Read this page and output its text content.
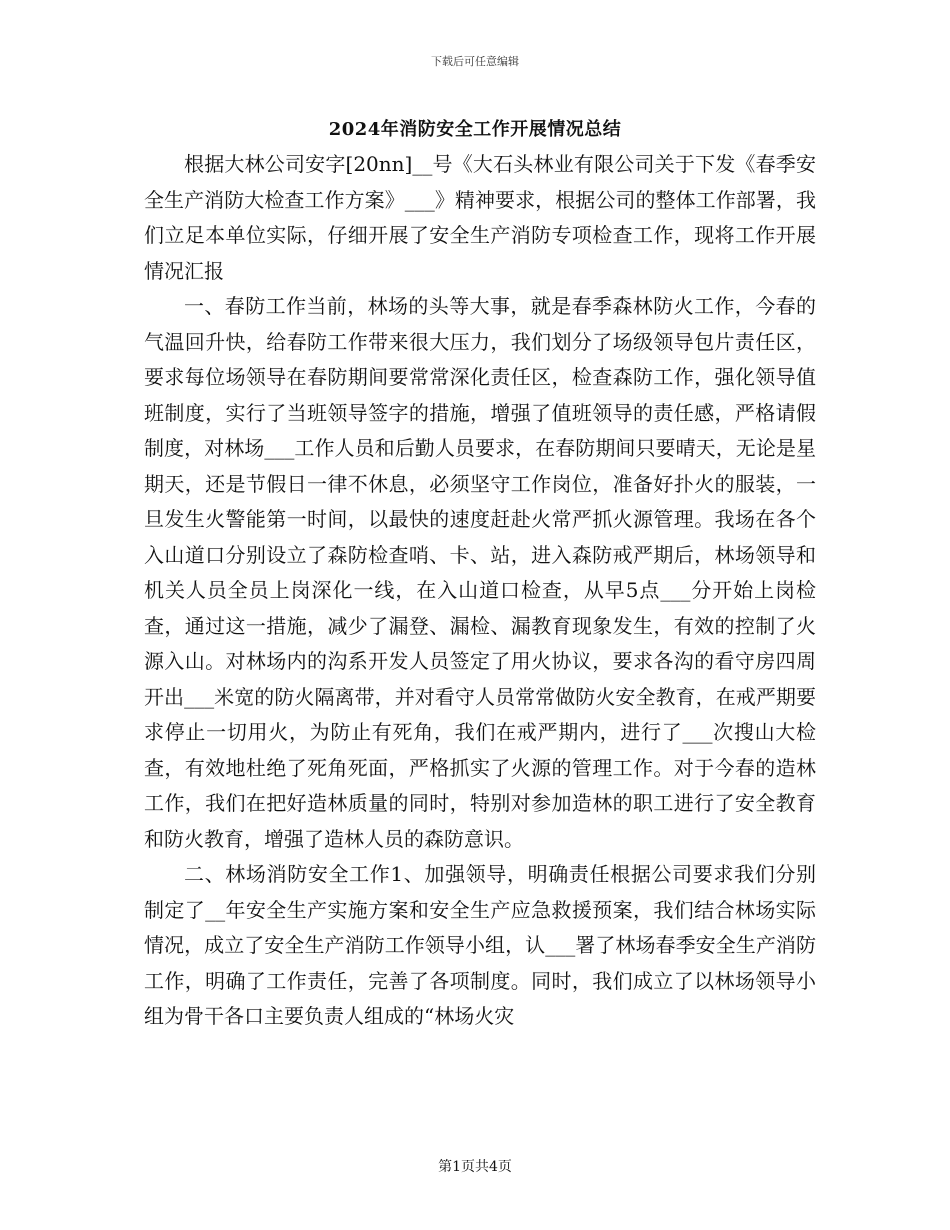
下载后可任意编辑
2024年消防安全工作开展情况总结

根据大林公司安字[20nn]__号《大石头林业有限公司关于下发《春季安全生产消防大检查工作方案》___》精神要求，根据公司的整体工作部署，我们立足本单位实际，仔细开展了安全生产消防专项检查工作，现将工作开展情况汇报

一、春防工作当前，林场的头等大事，就是春季森林防火工作，今春的气温回升快，给春防工作带来很大压力，我们划分了场级领导包片责任区，要求每位场领导在春防期间要常常深化责任区，检查森防工作，强化领导值班制度，实行了当班领导签字的措施，增强了值班领导的责任感，严格请假制度，对林场___工作人员和后勤人员要求，在春防期间只要晴天，无论是星期天，还是节假日一律不休息，必须坚守工作岗位，准备好扑火的服装，一旦发生火警能第一时间，以最快的速度赶赴火常严抓火源管理。我场在各个入山道口分别设立了森防检查哨、卡、站，进入森防戒严期后，林场领导和机关人员全员上岗深化一线，在入山道口检查，从早5点___分开始上岗检查，通过这一措施，减少了漏登、漏检、漏教育现象发生，有效的控制了火源入山。对林场内的沟系开发人员签定了用火协议，要求各沟的看守房四周开出___米宽的防火隔离带，并对看守人员常常做防火安全教育，在戒严期要求停止一切用火，为防止有死角，我们在戒严期内，进行了___次搜山大检查，有效地杜绝了死角死面，严格抓实了火源的管理工作。对于今春的造林工作，我们在把好造林质量的同时，特别对参加造林的职工进行了安全教育和防火教育，增强了造林人员的森防意识。

二、林场消防安全工作1、加强领导，明确责任根据公司要求我们分别制定了__年安全生产实施方案和安全生产应急救援预案，我们结合林场实际情况，成立了安全生产消防工作领导小组，认___署了林场春季安全生产消防工作，明确了工作责任，完善了各项制度。同时，我们成立了以林场领导小组为骨干各口主要负责人组成的“林场火灾

第1页共4页
